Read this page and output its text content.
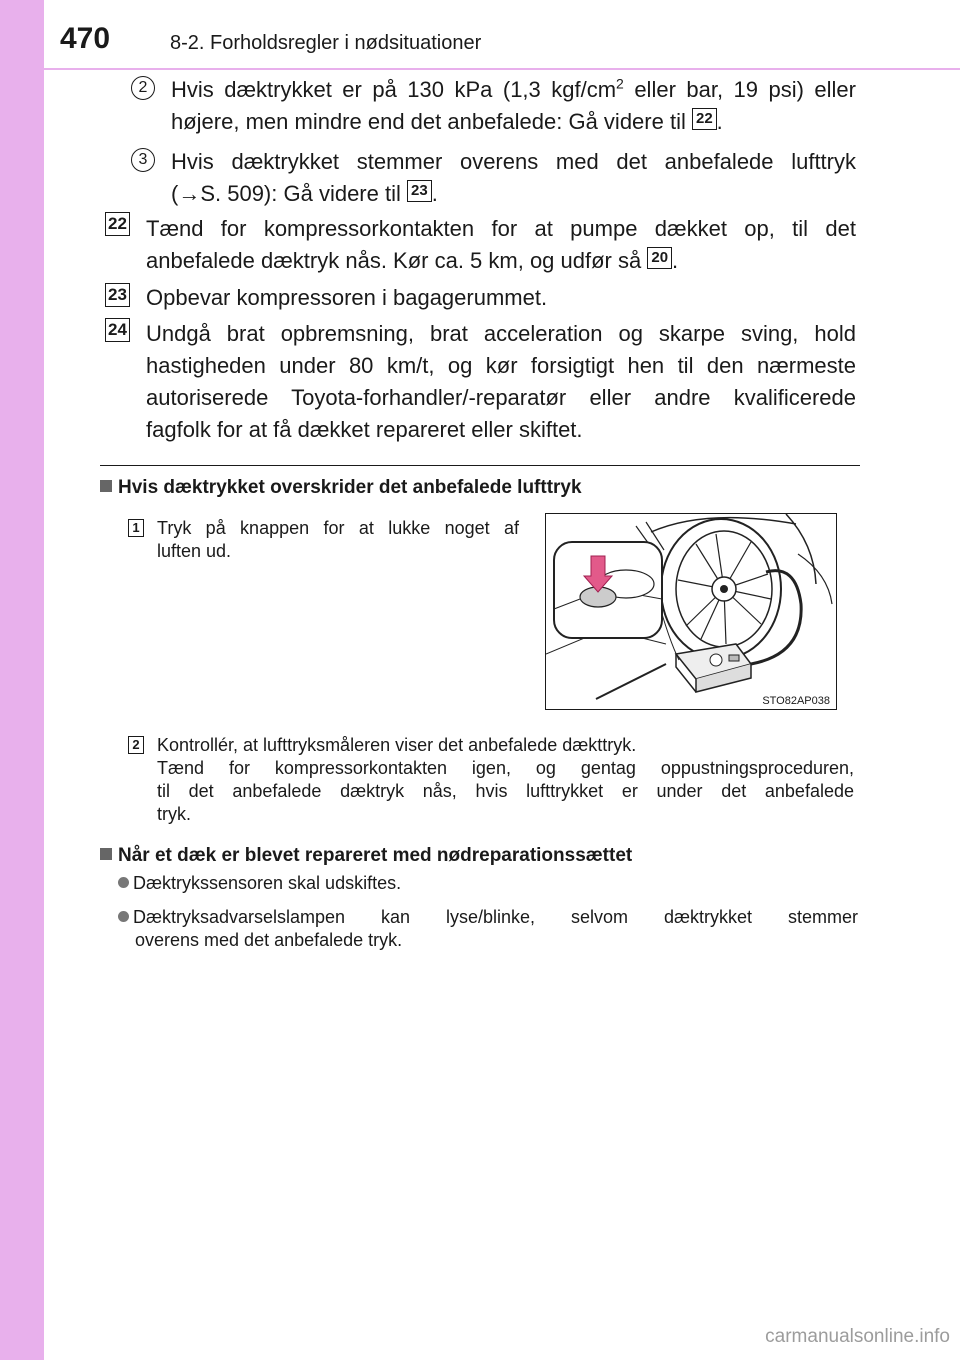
470	8-2. Forholdsregler i nødsituationer
2	Hvis dæktrykket er på 130 kPa (1,3 kgf/$cm^2$ eller bar, 19 psi) eller
højere, men mindre end det anbefalede: Gå videre til 22 .
3	Hvis dæktrykket stemmer overens med det anbefalede lufttryk
(→S. 509): Gå videre til 23 .
22 Tænd for kompressorkontakten for at pumpe dækket op, til det
anbefalede dæktryk nås. Kør ca. 5 km, og udfør så 20 .
23 Opbevar kompressoren i bagagerummet.
24 Undgå brat opbremsning, brat acceleration og skarpe sving, hold
hastigheden under 80 km/t, og kør forsigtigt hen til den nærmeste
autoriserede Toyota-forhandler/-reparatør eller andre kvalificerede
fagfolk for at få dækket repareret eller skiftet.
Hvis dæktrykket overskrider det anbefalede lufttryk
1 Tryk på knappen for at lukke noget af
luften ud.
STO82AP038
2 Kontrollér, at lufttryksmåleren viser det anbefalede dækttryk.
Tænd for kompressorkontakten igen, og gentag oppustningsproceduren,
til det anbefalede dæktryk nås, hvis lufttrykket er under det anbefalede
tryk.
Når et dæk er blevet repareret med nødreparationssættet
Dæktrykssensoren skal udskiftes.
Dæktryksadvarselslampen kan lyse/blinke, selvom dæktrykket stemmer
overens med det anbefalede tryk.
carmanualsonline.info
